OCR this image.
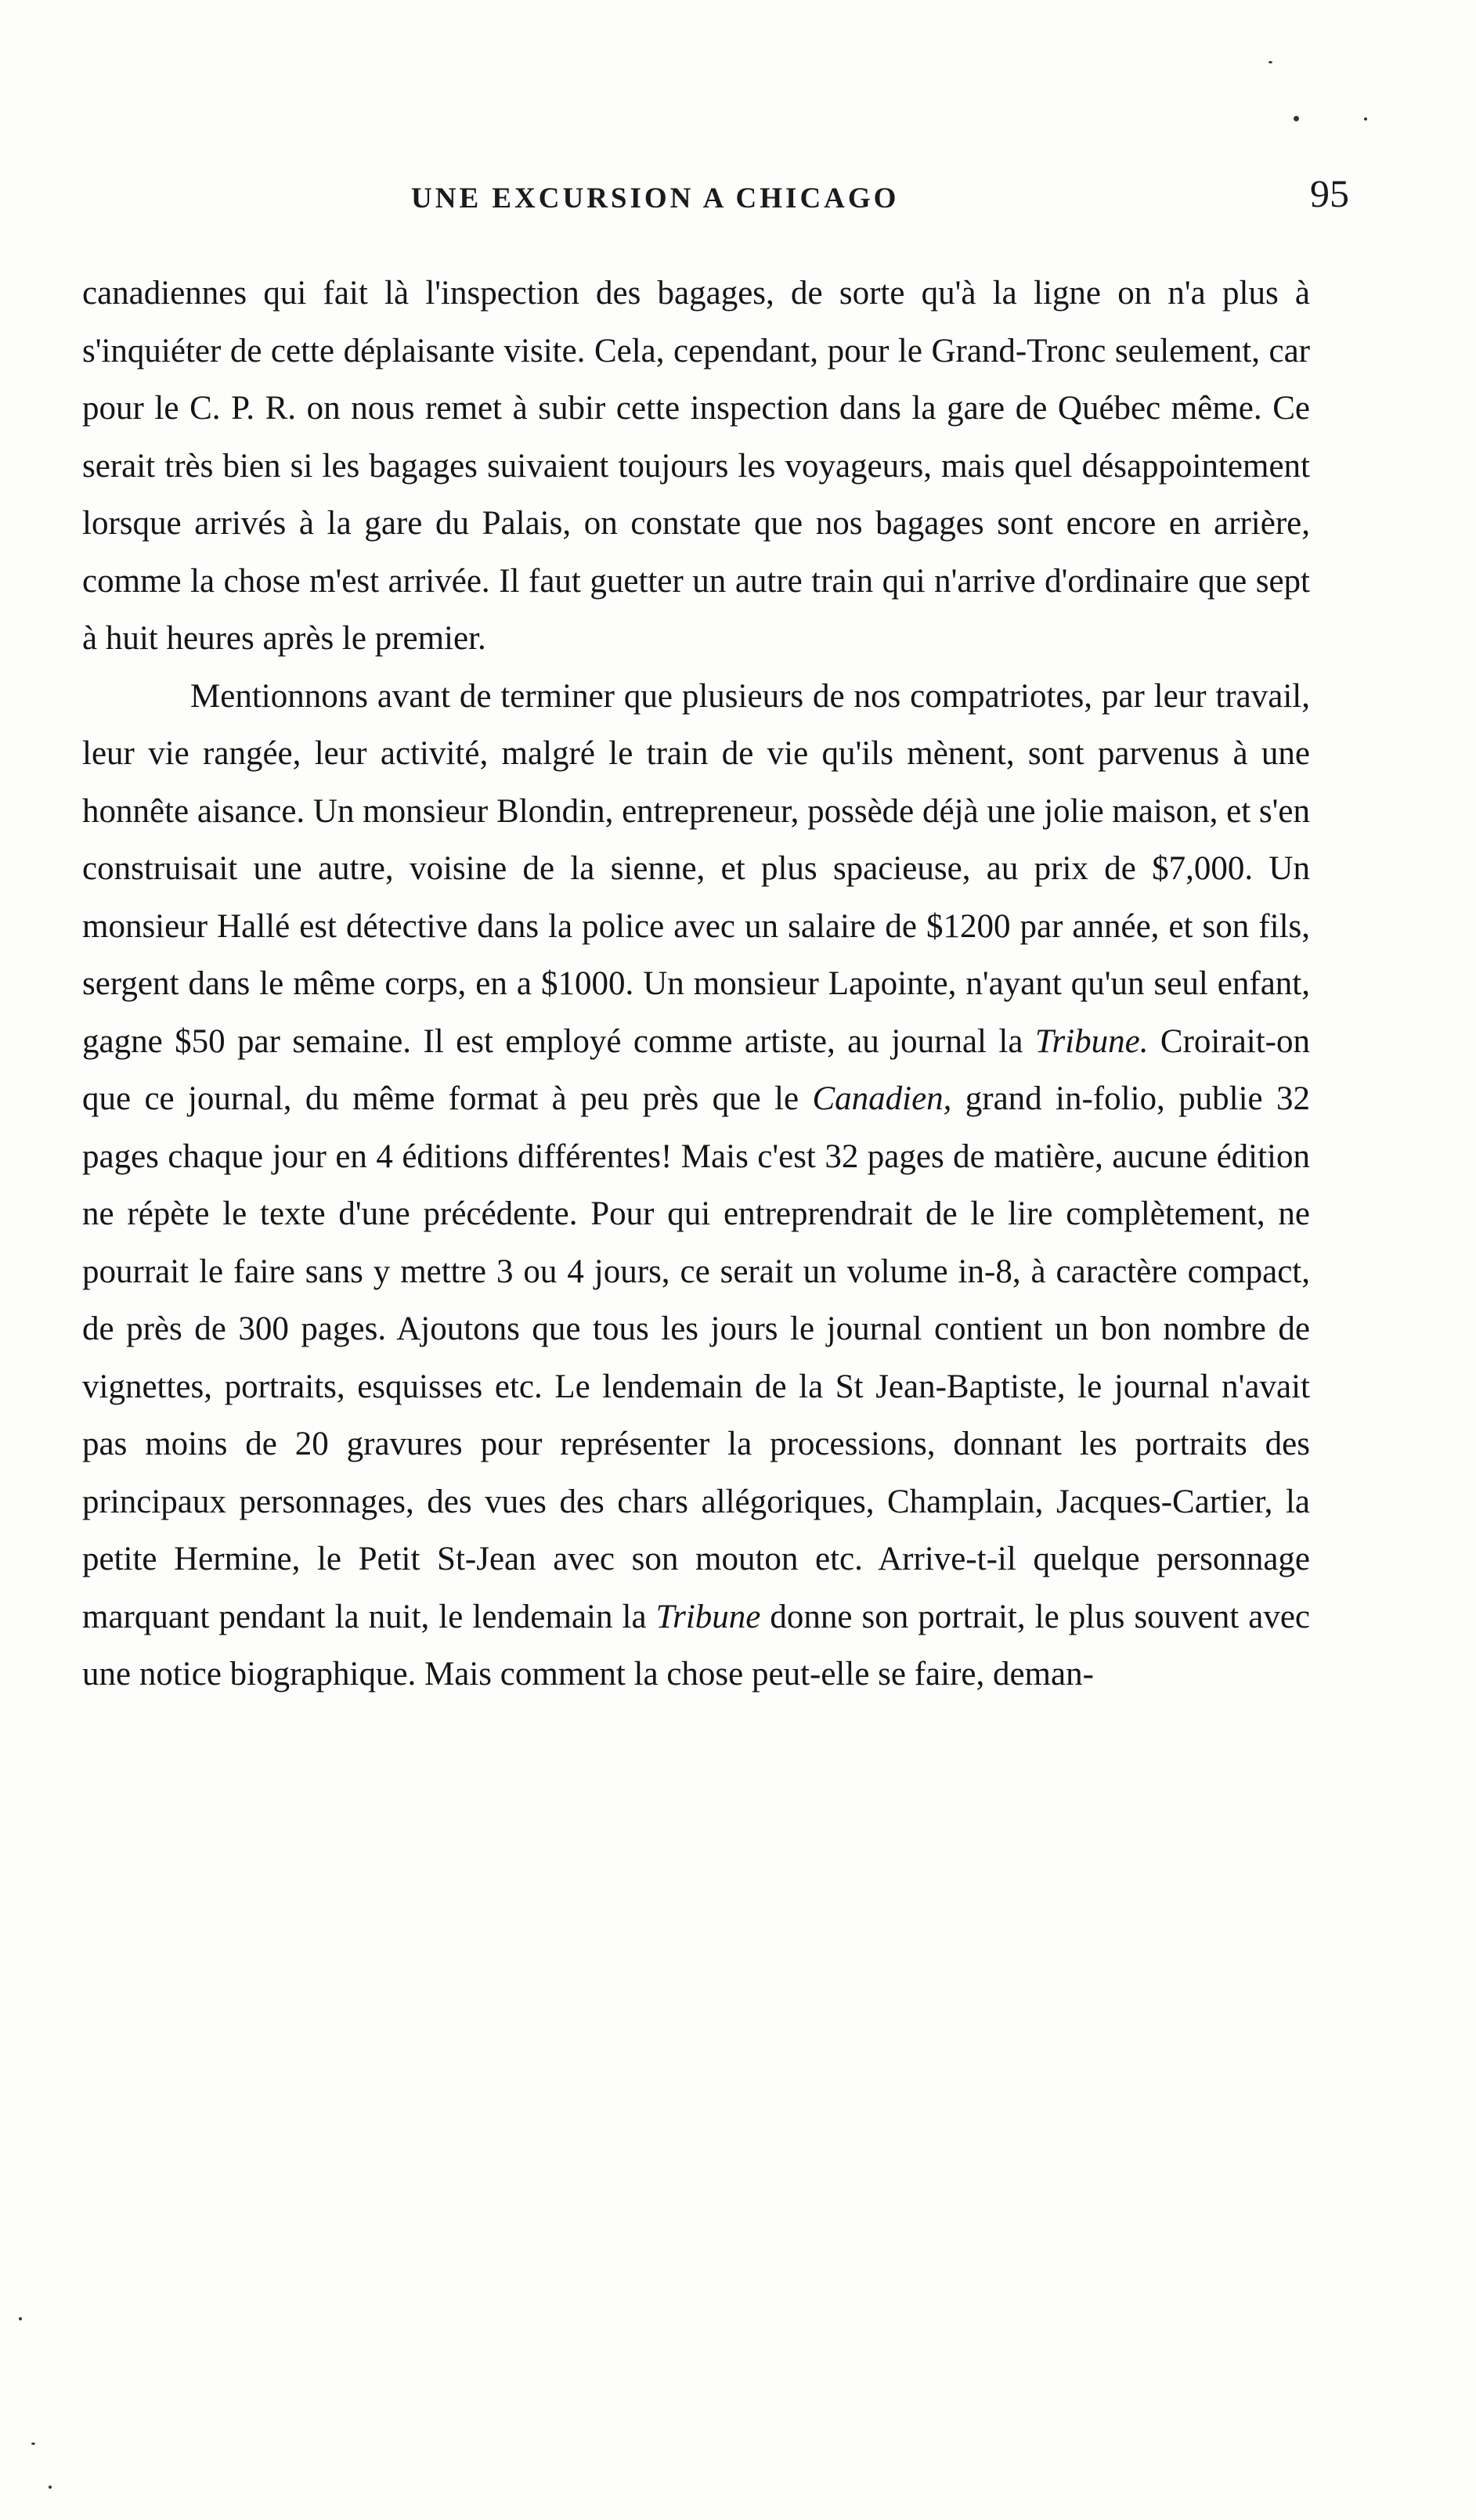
UNE EXCURSION A CHICAGO	95

canadiennes qui fait là l'inspection des bagages, de sorte qu'à la ligne on n'a plus à s'inquiéter de cette déplaisante visite. Cela, cependant, pour le Grand-Tronc seulement, car pour le C. P. R. on nous remet à subir cette inspection dans la gare de Québec même. Ce serait très bien si les bagages suivaient toujours les voyageurs, mais quel désappointement lorsque arrivés à la gare du Palais, on constate que nos bagages sont encore en arrière, comme la chose m'est arrivée. Il faut guetter un autre train qui n'arrive d'ordinaire que sept à huit heures après le premier.

Mentionnons avant de terminer que plusieurs de nos compatriotes, par leur travail, leur vie rangée, leur activité, malgré le train de vie qu'ils mènent, sont parvenus à une honnête aisance. Un monsieur Blondin, entrepreneur, possède déjà une jolie maison, et s'en construisait une autre, voisine de la sienne, et plus spacieuse, au prix de $7,000. Un monsieur Hallé est détective dans la police avec un salaire de $1200 par année, et son fils, sergent dans le même corps, en a $1000. Un monsieur Lapointe, n'ayant qu'un seul enfant, gagne $50 par semaine. Il est employé comme artiste, au journal la Tribune. Croirait-on que ce journal, du même format à peu près que le Canadien, grand in-folio, publie 32 pages chaque jour en 4 éditions différentes! Mais c'est 32 pages de matière, aucune édition ne répète le texte d'une précédente. Pour qui entreprendrait de le lire complètement, ne pourrait le faire sans y mettre 3 ou 4 jours, ce serait un volume in-8, à caractère compact, de près de 300 pages. Ajoutons que tous les jours le journal contient un bon nombre de vignettes, portraits, esquisses etc. Le lendemain de la St Jean-Baptiste, le journal n'avait pas moins de 20 gravures pour représenter la processions, donnant les portraits des principaux personnages, des vues des chars allégoriques, Champlain, Jacques-Cartier, la petite Hermine, le Petit St-Jean avec son mouton etc. Arrive-t-il quelque personnage marquant pendant la nuit, le lendemain la Tribune donne son portrait, le plus souvent avec une notice biographique. Mais comment la chose peut-elle se faire, deman-
